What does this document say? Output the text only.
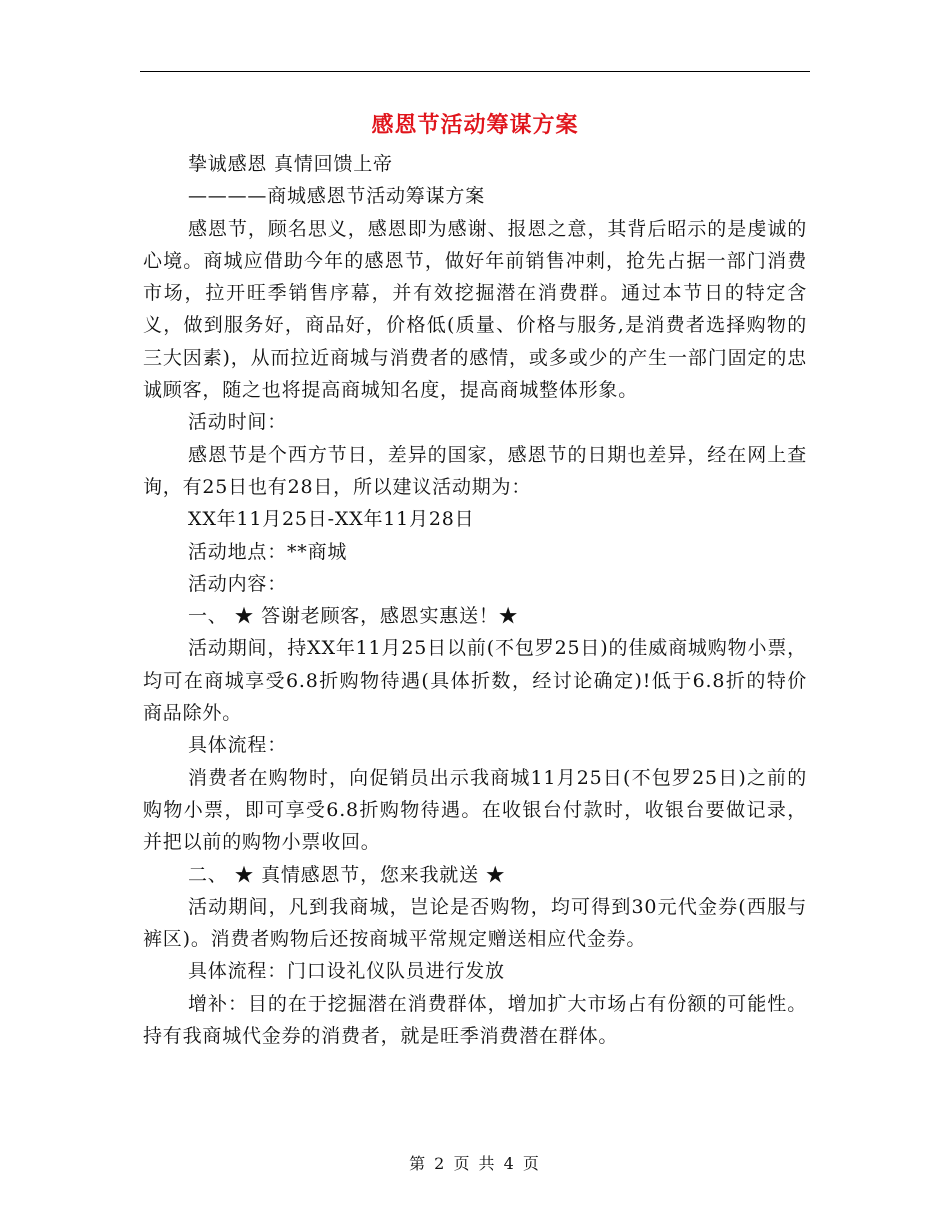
感恩节活动筹谋方案

挚诚感恩 真情回馈上帝

————商城感恩节活动筹谋方案

感恩节，顾名思义，感恩即为感谢、报恩之意，其背后昭示的是虔诚的心境。商城应借助今年的感恩节，做好年前销售冲刺，抢先占据一部门消费市场，拉开旺季销售序幕，并有效挖掘潜在消费群。通过本节日的特定含义，做到服务好，商品好，价格低(质量、价格与服务,是消费者选择购物的三大因素)，从而拉近商城与消费者的感情，或多或少的产生一部门固定的忠诚顾客，随之也将提高商城知名度，提高商城整体形象。

活动时间：

感恩节是个西方节日，差异的国家，感恩节的日期也差异，经在网上查询，有25日也有28日，所以建议活动期为：

XX年11月25日-XX年11月28日

活动地点：**商城

活动内容：

一、 ★ 答谢老顾客，感恩实惠送！★

活动期间，持XX年11月25日以前(不包罗25日)的佳威商城购物小票，均可在商城享受6.8折购物待遇(具体折数，经讨论确定)!低于6.8折的特价商品除外。

具体流程：

消费者在购物时，向促销员出示我商城11月25日(不包罗25日)之前的购物小票，即可享受6.8折购物待遇。在收银台付款时，收银台要做记录，并把以前的购物小票收回。

二、 ★ 真情感恩节，您来我就送 ★

活动期间，凡到我商城，岂论是否购物，均可得到30元代金券(西服与裤区)。消费者购物后还按商城平常规定赠送相应代金券。

具体流程：门口设礼仪队员进行发放

增补：目的在于挖掘潜在消费群体，增加扩大市场占有份额的可能性。持有我商城代金券的消费者，就是旺季消费潜在群体。

第 2 页 共 4 页
